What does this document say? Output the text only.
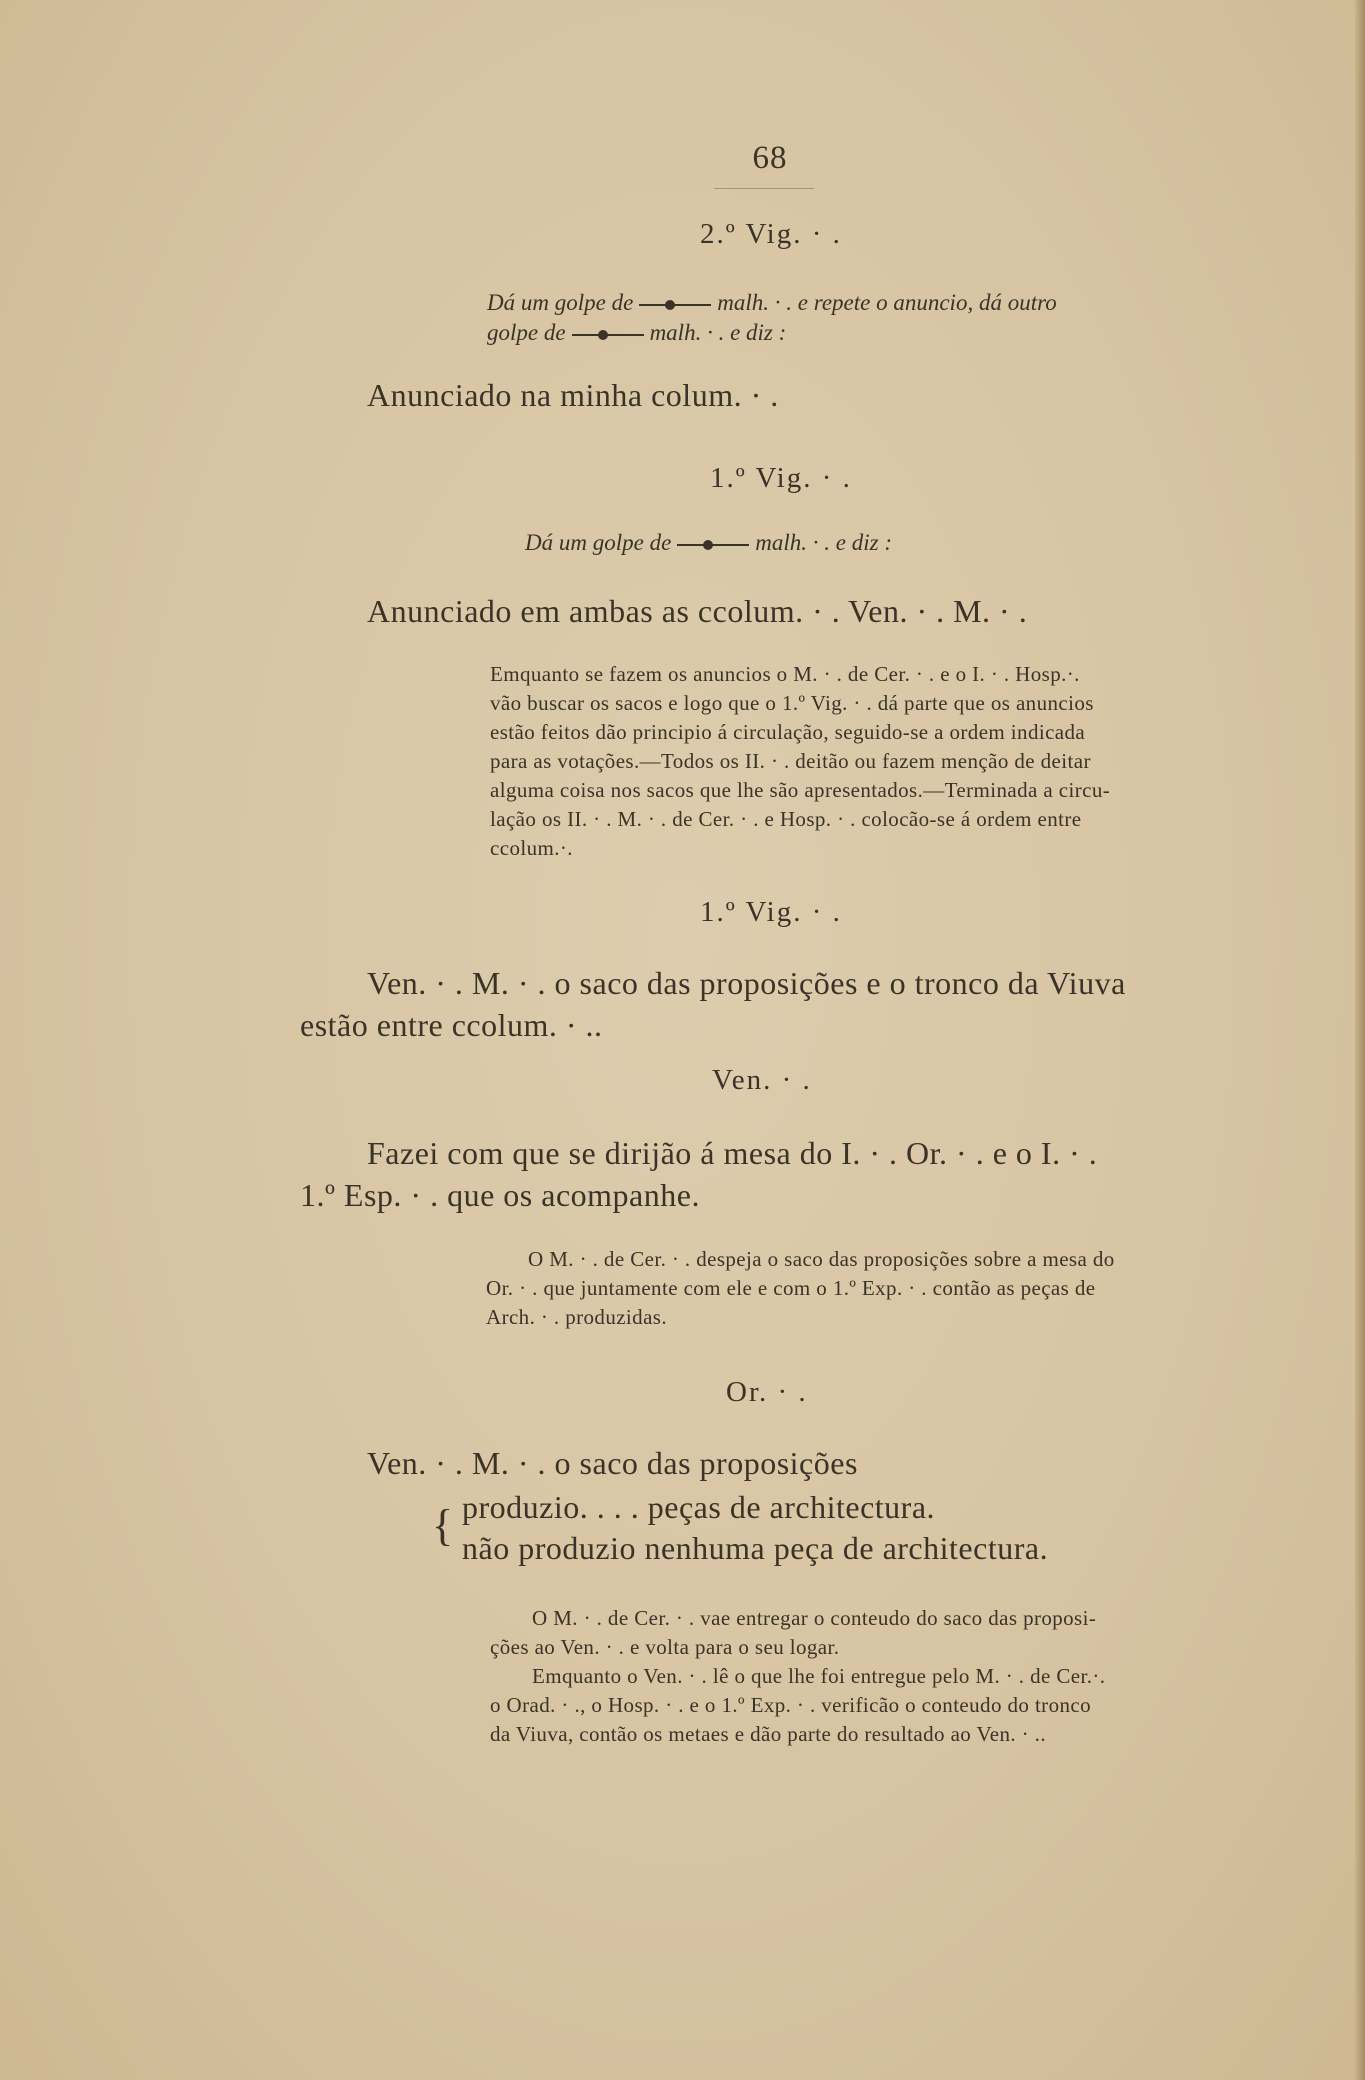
68
2.º Vig. · .
Dá um golpe de	malh. · . e repete o anuncio, dá outro
golpe de	malh. · . e diz :
Anunciado na minha colum. · .
1.º Vig. · .
Dá um golpe de	malh. · . e diz :
Anunciado em ambas as ccolum. · . Ven. · . M. · .
Emquanto se fazem os anuncios o M. · . de Cer. · . e o I. · . Hosp.·.
vão buscar os sacos e logo que o 1.º Vig. · . dá parte que os anuncios
estão feitos dão principio á circulação, seguido-se a ordem indicada
para as votações.—Todos os II. · . deitão ou fazem menção de deitar
alguma coisa nos sacos que lhe são apresentados.—Terminada a circu-
lação os II. · . M. · . de Cer. · . e Hosp. · . colocão-se á ordem entre
ccolum.·.
1.º Vig. · .
Ven. · . M. · . o saco das proposições e o tronco da Viuva
estão entre ccolum. · ..
Ven. · .
Fazei com que se dirijão á mesa do I. · . Or. · . e o I. · .
1.º Esp. · . que os acompanhe.
O M. · . de Cer. · . despeja o saco das proposições sobre a mesa do
Or. · . que juntamente com ele e com o 1.º Exp. · . contão as peças de
Arch. · . produzidas.
Or. · .
Ven. · . M. · . o saco das proposições
{ produzio. . . . peças de architectura.
não produzio nenhuma peça de architectura.
O M. · . de Cer. · . vae entregar o conteudo do saco das proposi-
ções ao Ven. · . e volta para o seu logar.
Emquanto o Ven. · . lê o que lhe foi entregue pelo M. · . de Cer.·.
o Orad. · ., o Hosp. · . e o 1.º Exp. · . verificão o conteudo do tronco
da Viuva, contão os metaes e dão parte do resultado ao Ven. · ..
